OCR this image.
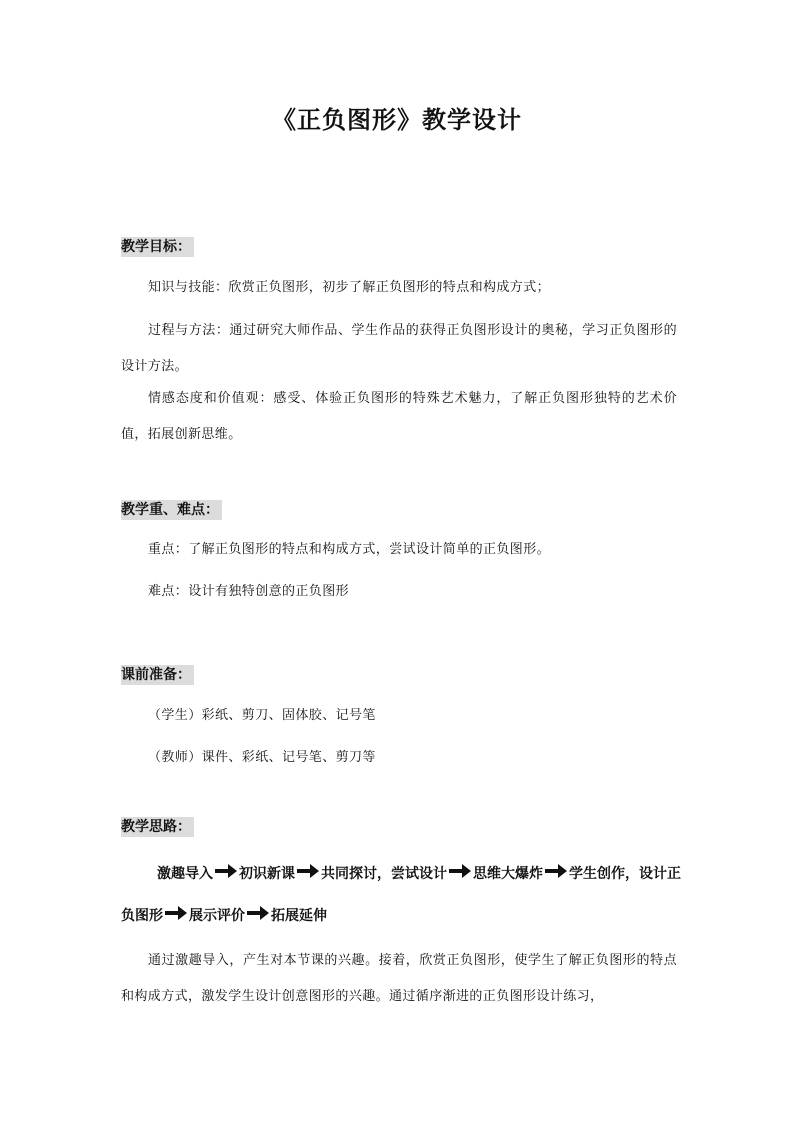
《正负图形》教学设计
教学目标：
知识与技能：欣赏正负图形，初步了解正负图形的特点和构成方式；
过程与方法：通过研究大师作品、学生作品的获得正负图形设计的奥秘，学习正负图形的设计方法。
情感态度和价值观：感受、体验正负图形的特殊艺术魅力，了解正负图形独特的艺术价值，拓展创新思维。
教学重、难点：
重点：了解正负图形的特点和构成方式，尝试设计简单的正负图形。
难点：设计有独特创意的正负图形
课前准备：
（学生）彩纸、剪刀、固体胶、记号笔
（教师）课件、彩纸、记号笔、剪刀等
教学思路：
激趣导入 初识新课 共同探讨，尝试设计 思维大爆炸 学生创作，设计正负图形 展示评价 拓展延伸
通过激趣导入，产生对本节课的兴趣。接着，欣赏正负图形，使学生了解正负图形的特点和构成方式，激发学生设计创意图形的兴趣。通过循序渐进的正负图形设计练习，
